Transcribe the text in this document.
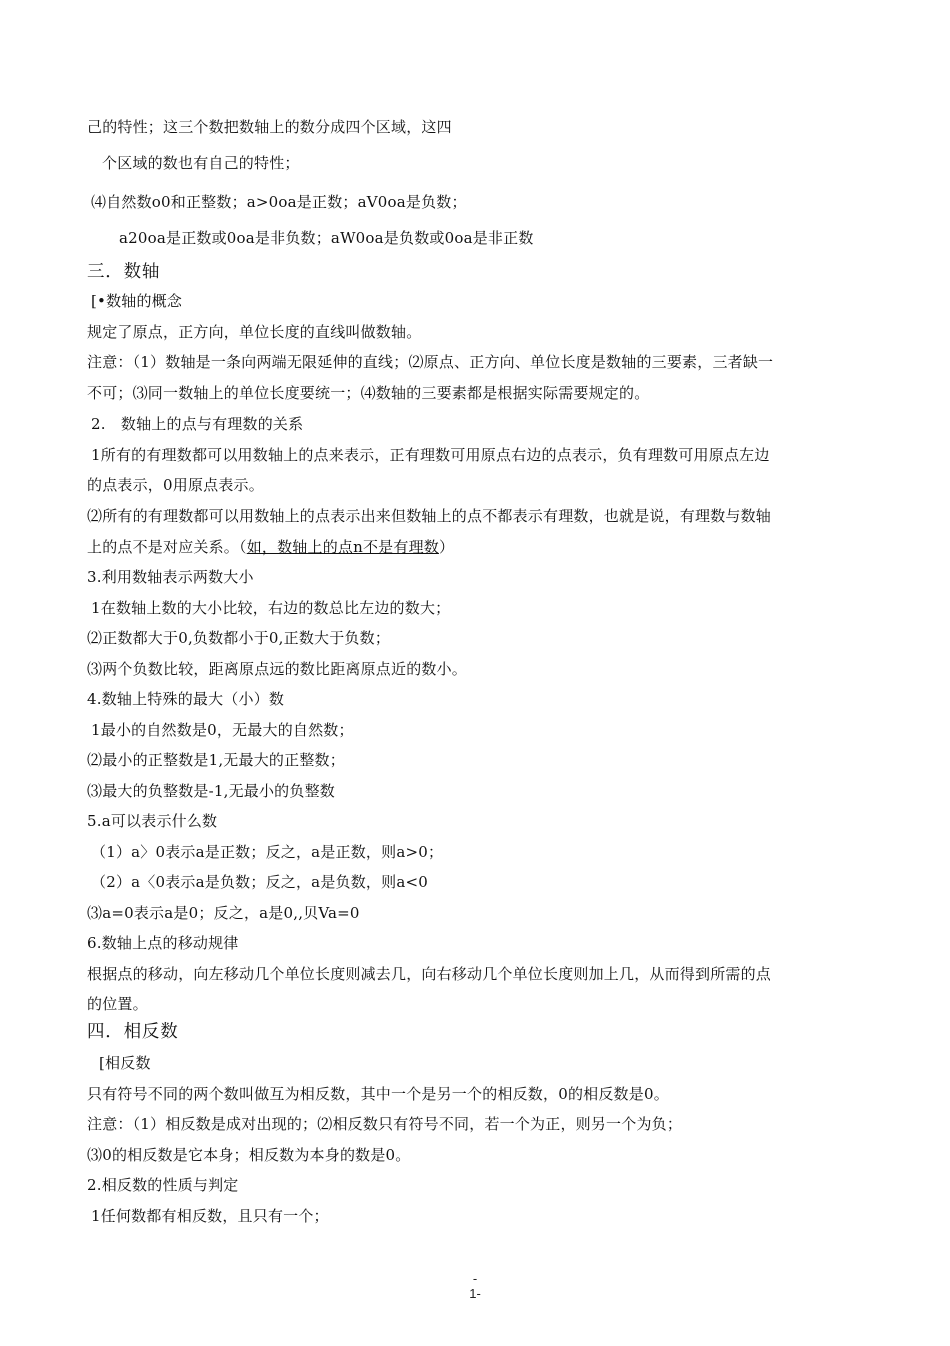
己的特性；这三个数把数轴上的数分成四个区域，这四
个区域的数也有自己的特性；
⑷自然数o0和正整数；a>0oa是正数；aV0oa是负数；
a20oa是正数或0oa是非负数；aW0oa是负数或0oa是非正数
三．数轴
[•数轴的概念
规定了原点，正方向，单位长度的直线叫做数轴。
注意：（1）数轴是一条向两端无限延伸的直线；⑵原点、正方向、单位长度是数轴的三要素，三者缺一
不可；⑶同一数轴上的单位长度要统一；⑷数轴的三要素都是根据实际需要规定的。
2.　数轴上的点与有理数的关系
1所有的有理数都可以用数轴上的点来表示，正有理数可用原点右边的点表示，负有理数可用原点左边
的点表示，0用原点表示。
⑵所有的有理数都可以用数轴上的点表示出来但数轴上的点不都表示有理数，也就是说，有理数与数轴
上的点不是对应关系。（如，数轴上的点n不是有理数）
3.利用数轴表示两数大小
1在数轴上数的大小比较，右边的数总比左边的数大；
⑵正数都大于0,负数都小于0,正数大于负数；
⑶两个负数比较，距离原点远的数比距离原点近的数小。
4.数轴上特殊的最大（小）数
1最小的自然数是0，无最大的自然数；
⑵最小的正整数是1,无最大的正整数；
⑶最大的负整数是-1,无最小的负整数
5.a可以表示什么数
（1）a〉0表示a是正数；反之，a是正数，则a>0；
（2）a〈0表示a是负数；反之，a是负数，则a<0
⑶a=0表示a是0；反之，a是0,,贝Va=0
6.数轴上点的移动规律
根据点的移动，向左移动几个单位长度则减去几，向右移动几个单位长度则加上几，从而得到所需的点
的位置。
四．相反数
[相反数
只有符号不同的两个数叫做互为相反数，其中一个是另一个的相反数，0的相反数是0。
注意：（1）相反数是成对出现的；⑵相反数只有符号不同，若一个为正，则另一个为负；
⑶0的相反数是它本身；相反数为本身的数是0。
2.相反数的性质与判定
1任何数都有相反数，且只有一个；
-
1-
